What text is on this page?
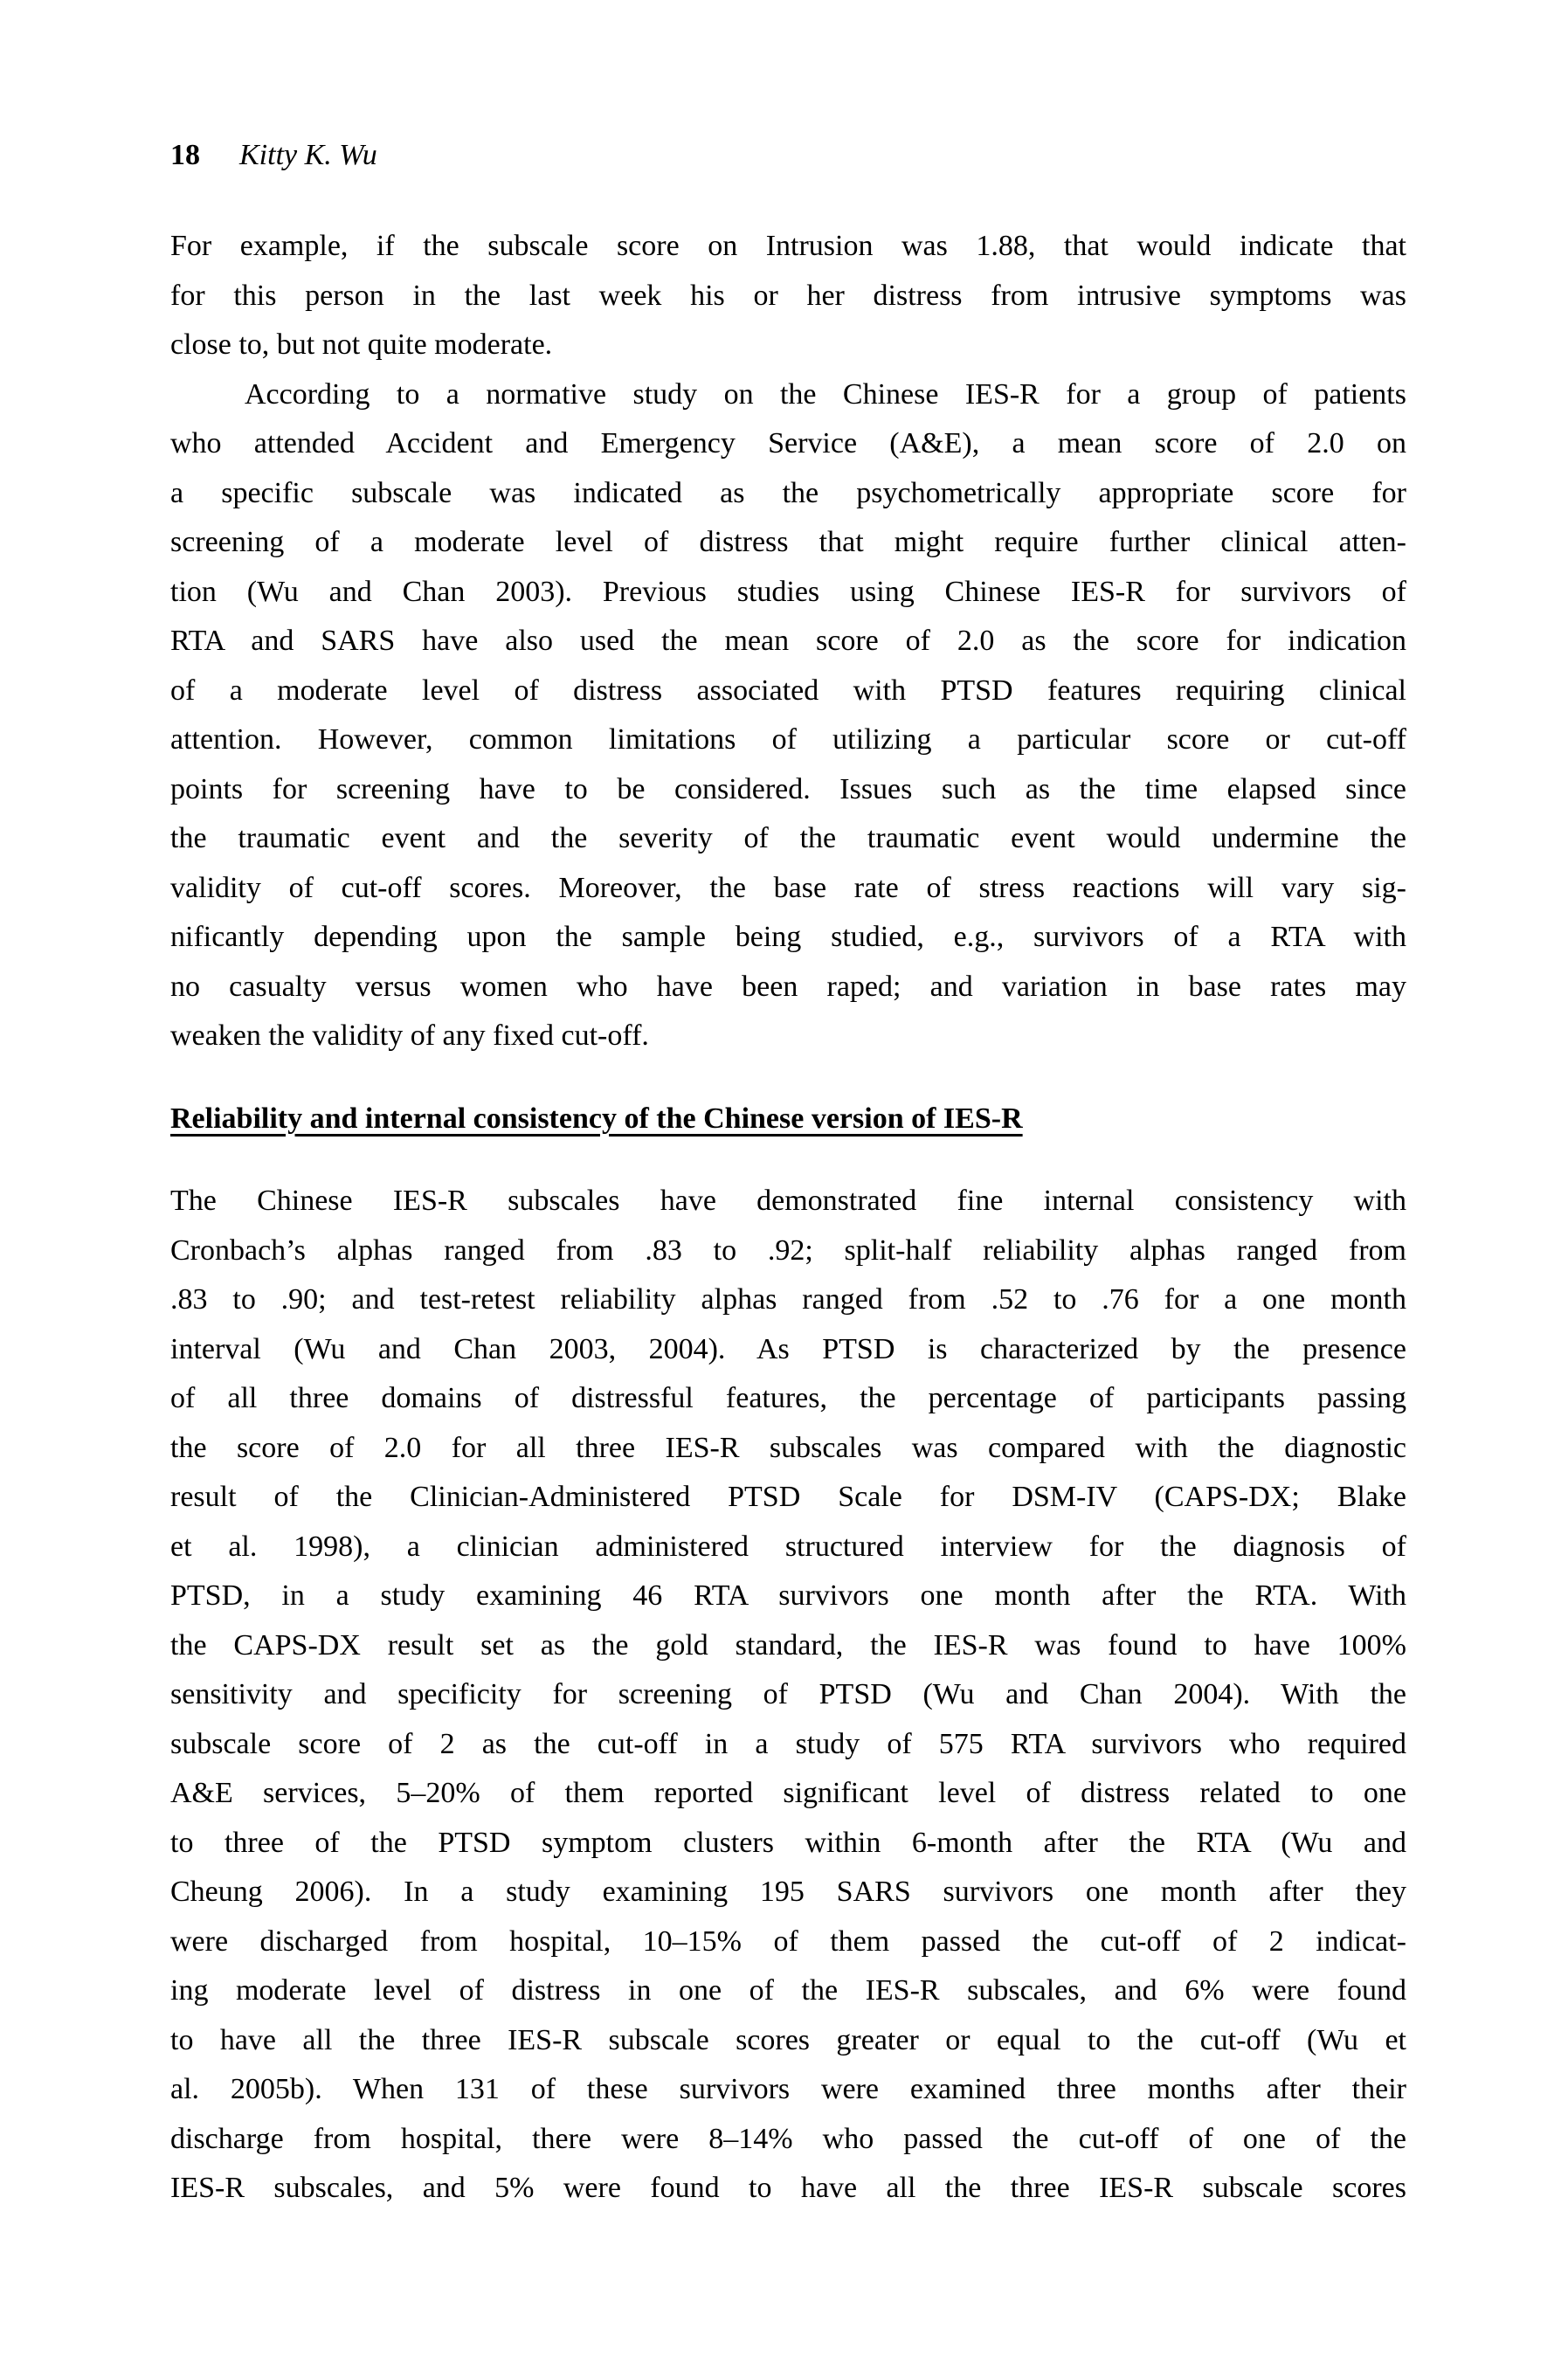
18 Kitty K. Wu
For example, if the subscale score on Intrusion was 1.88, that would indicate that
for this person in the last week his or her distress from intrusive symptoms was
close to, but not quite moderate.
According to a normative study on the Chinese IES-R for a group of patients
who attended Accident and Emergency Service (A&E), a mean score of 2.0 on
a specific subscale was indicated as the psychometrically appropriate score for
screening of a moderate level of distress that might require further clinical atten-
tion (Wu and Chan 2003). Previous studies using Chinese IES-R for survivors of
RTA and SARS have also used the mean score of 2.0 as the score for indication
of a moderate level of distress associated with PTSD features requiring clinical
attention. However, common limitations of utilizing a particular score or cut-off
points for screening have to be considered. Issues such as the time elapsed since
the traumatic event and the severity of the traumatic event would undermine the
validity of cut-off scores. Moreover, the base rate of stress reactions will vary sig-
nificantly depending upon the sample being studied, e.g., survivors of a RTA with
no casualty versus women who have been raped; and variation in base rates may
weaken the validity of any fixed cut-off.
Reliability and internal consistency of the Chinese version of IES-R
The Chinese IES-R subscales have demonstrated fine internal consistency with
Cronbach’s alphas ranged from .83 to .92; split-half reliability alphas ranged from
.83 to .90; and test-retest reliability alphas ranged from .52 to .76 for a one month
interval (Wu and Chan 2003, 2004). As PTSD is characterized by the presence
of all three domains of distressful features, the percentage of participants passing
the score of 2.0 for all three IES-R subscales was compared with the diagnostic
result of the Clinician-Administered PTSD Scale for DSM-IV (CAPS-DX; Blake
et al. 1998), a clinician administered structured interview for the diagnosis of
PTSD, in a study examining 46 RTA survivors one month after the RTA. With
the CAPS-DX result set as the gold standard, the IES-R was found to have 100%
sensitivity and specificity for screening of PTSD (Wu and Chan 2004). With the
subscale score of 2 as the cut-off in a study of 575 RTA survivors who required
A&E services, 5–20% of them reported significant level of distress related to one
to three of the PTSD symptom clusters within 6-month after the RTA (Wu and
Cheung 2006). In a study examining 195 SARS survivors one month after they
were discharged from hospital, 10–15% of them passed the cut-off of 2 indicat-
ing moderate level of distress in one of the IES-R subscales, and 6% were found
to have all the three IES-R subscale scores greater or equal to the cut-off (Wu et
al. 2005b). When 131 of these survivors were examined three months after their
discharge from hospital, there were 8–14% who passed the cut-off of one of the
IES-R subscales, and 5% were found to have all the three IES-R subscale scores
